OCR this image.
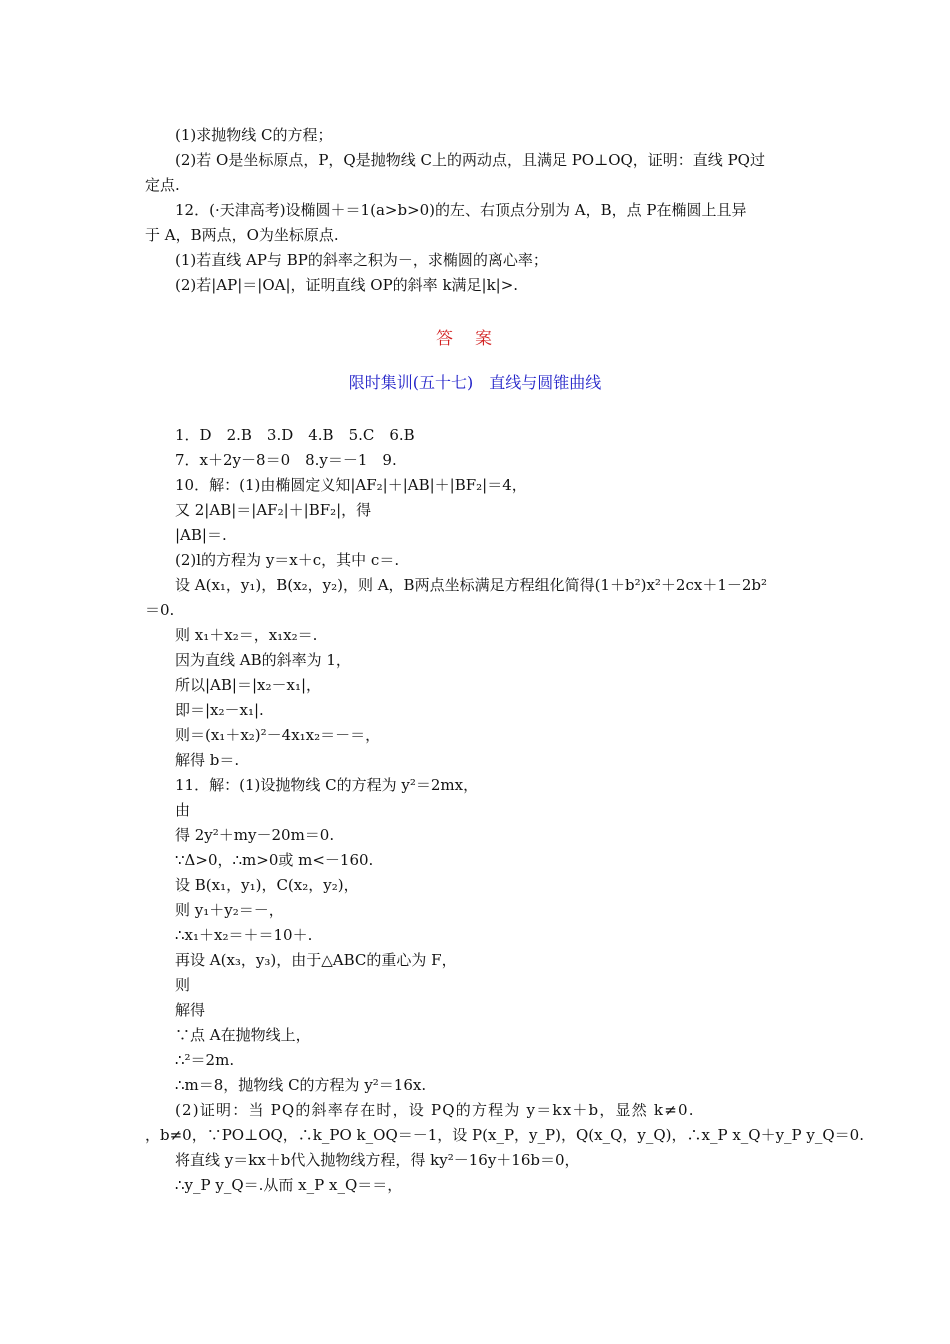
(1)求抛物线 C的方程；
(2)若 O是坐标原点，P，Q是抛物线 C上的两动点，且满足 PO⊥OQ，证明：直线 PQ过
定点.
12．(·天津高考)设椭圆＋＝1(a>b>0)的左、右顶点分别为 A，B，点 P在椭圆上且异
于 A，B两点，O为坐标原点.
(1)若直线 AP与 BP的斜率之积为－，求椭圆的离心率；
(2)若|AP|＝|OA|，证明直线 OP的斜率 k满足|k|>.
答案
限时集训(五十七)　直线与圆锥曲线
1．D　2.B　3.D　4.B　5.C　6.B
7．x＋2y－8＝0　8.y＝－1　9.
10．解：(1)由椭圆定义知|AF₂|＋|AB|＋|BF₂|＝4，
又 2|AB|＝|AF₂|＋|BF₂|，得
|AB|＝.
(2)l的方程为 y＝x＋c，其中 c＝.
设 A(x₁，y₁)，B(x₂，y₂)，则 A，B两点坐标满足方程组化简得(1＋b²)x²＋2cx＋1－2b²
＝0.
则 x₁＋x₂＝，x₁x₂＝.
因为直线 AB的斜率为 1，
所以|AB|＝|x₂－x₁|，
即＝|x₂－x₁|.
则＝(x₁＋x₂)²－4x₁x₂＝－＝，
解得 b＝.
11．解：(1)设抛物线 C的方程为 y²＝2mx，
由
得 2y²＋my－20m＝0.
∵Δ>0，∴m>0或 m<－160.
设 B(x₁，y₁)，C(x₂，y₂)，
则 y₁＋y₂＝－，
∴x₁＋x₂＝＋＝10＋.
再设 A(x₃，y₃)，由于△ABC的重心为 F，
则
解得
∵点 A在抛物线上，
∴²＝2m.
∴m＝8，抛物线 C的方程为 y²＝16x.
(2)证明：当 PQ的斜率存在时，设 PQ的方程为 y＝kx＋b，显然 k≠0.
，b≠0，∵PO⊥OQ，∴k_PO k_OQ＝－1，设 P(x_P，y_P)，Q(x_Q，y_Q)，∴x_P x_Q＋y_P y_Q＝0.
将直线 y＝kx＋b代入抛物线方程，得 ky²－16y＋16b＝0，
∴y_P y_Q＝.从而 x_P x_Q＝＝，
